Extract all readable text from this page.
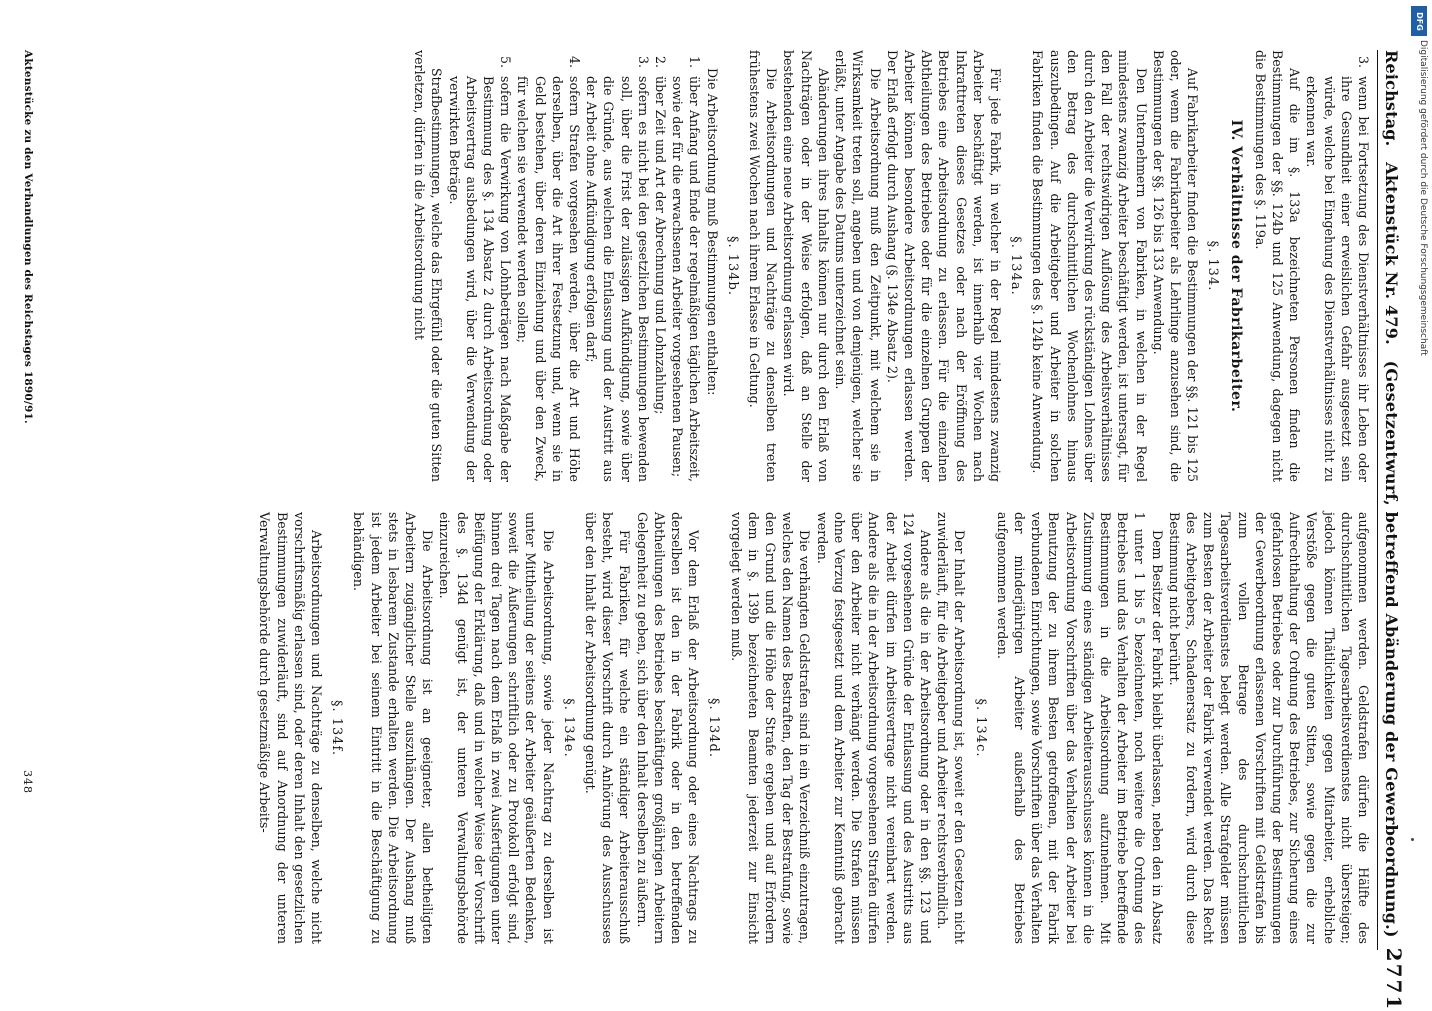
Reichstag. Aktenstück Nr. 479. (Gesetzentwurf, betreffend Abänderung der Gewerbeordnung.)
2771
3.
wenn bei Fortsetzung des Dienstverhältnisses ihr Leben oder ihre Gesundheit einer erweislichen Gefahr ausgesetzt sein würde, welche bei Eingehung des Dienstverhältnisses nicht zu erkennen war.

Auf die im §. 133a bezeichneten Personen finden die Bestimmungen der §§. 124b und 125 Anwendung, dagegen nicht die Bestimmungen des §. 119a.

IV. Verhältnisse der Fabrikarbeiter.
§. 134.

Auf Fabrikarbeiter finden die Bestimmungen der §§. 121 bis 125 oder, wenn die Fabrikarbeiter als Lehrlinge anzusehen sind, die Bestimmungen der §§. 126 bis 133 Anwendung.

Den Unternehmern von Fabriken, in welchen in der Regel mindestens zwanzig Arbeiter beschäftigt werden, ist untersagt, für den Fall der rechtswidrigen Auflösung des Arbeitsverhältnisses durch den Arbeiter die Verwirkung des rückständigen Lohnes über den Betrag des durchschnittlichen Wochenlohnes hinaus auszubedingen. Auf die Arbeitgeber und Arbeiter in solchen Fabriken finden die Bestimmungen des §. 124b keine Anwendung.

§. 134a.

Für jede Fabrik, in welcher in der Regel mindestens zwanzig Arbeiter beschäftigt werden, ist innerhalb vier Wochen nach Inkrafttreten dieses Gesetzes oder nach der Eröffnung des Betriebes eine Arbeitsordnung zu erlassen. Für die einzelnen Abtheilungen des Betriebes oder für die einzelnen Gruppen der Arbeiter können besondere Arbeitsordnungen erlassen werden. Der Erlaß erfolgt durch Aushang (§. 134e Absatz 2).

Die Arbeitsordnung muß den Zeitpunkt, mit welchem sie in Wirksamkeit treten soll, angeben und von demjenigen, welcher sie erläßt, unter Angabe des Datums unterzeichnet sein.

Abänderungen ihres Inhalts können nur durch den Erlaß von Nachträgen oder in der Weise erfolgen, daß an Stelle der bestehenden eine neue Arbeitsordnung erlassen wird.

Die Arbeitsordnungen und Nachträge zu denselben treten frühestens zwei Wochen nach ihrem Erlasse in Geltung.

§. 134b.

Die Arbeitsordnung muß Bestimmungen enthalten:

1.
über Anfang und Ende der regelmäßigen täglichen Arbeitszeit, sowie der für die erwachsenen Arbeiter vorgesehenen Pausen;
2.
über Zeit und Art der Abrechnung und Lohnzahlung;
3.
sofern es nicht bei den gesetzlichen Bestimmungen bewenden soll, über die Frist der zulässigen Aufkündigung, sowie über die Gründe, aus welchen die Entlassung und der Austritt aus der Arbeit ohne Aufkündigung erfolgen darf;
4.
sofern Strafen vorgesehen werden, über die Art und Höhe derselben, über die Art ihrer Festsetzung und, wenn sie in Geld bestehen, über deren Einziehung und über den Zweck, für welchen sie verwendet werden sollen;
5.
sofern die Verwirkung von Lohnbeträgen nach Maßgabe der Bestimmung des §. 134 Absatz 2 durch Arbeitsordnung oder Arbeitsvertrag ausbedungen wird, über die Verwendung der verwirkten Beträge.

Strafbestimmungen, welche das Ehrgefühl oder die guten Sitten verletzen, dürfen in die Arbeitsordnung nicht

aufgenommen werden. Geldstrafen dürfen die Hälfte des durchschnittlichen Tagesarbeitsverdienstes nicht übersteigen; jedoch können Thätlichkeiten gegen Mitarbeiter, erhebliche Verstöße gegen die guten Sitten, sowie gegen die zur Aufrechthaltung der Ordnung des Betriebes, zur Sicherung eines gefahrlosen Betriebes oder zur Durchführung der Bestimmungen der Gewerbeordnung erlassenen Vorschriften mit Geldstrafen bis zum vollen Betrage des durchschnittlichen Tagesarbeitsverdienstes belegt werden. Alle Strafgelder müssen zum Besten der Arbeiter der Fabrik verwendet werden. Das Recht des Arbeitgebers, Schadenersatz zu fordern, wird durch diese Bestimmung nicht berührt.

Dem Besitzer der Fabrik bleibt überlassen, neben den in Absatz 1 unter 1 bis 5 bezeichneten, noch weitere die Ordnung des Betriebes und das Verhalten der Arbeiter im Betriebe betreffende Bestimmungen in die Arbeitsordnung aufzunehmen. Mit Zustimmung eines ständigen Arbeiterausschusses können in die Arbeitsordnung Vorschriften über das Verhalten der Arbeiter bei Benutzung der zu ihrem Besten getroffenen, mit der Fabrik verbundenen Einrichtungen, sowie Vorschriften über das Verhalten der minderjährigen Arbeiter außerhalb des Betriebes aufgenommen werden.

§. 134c.

Der Inhalt der Arbeitsordnung ist, soweit er den Gesetzen nicht zuwiderläuft, für die Arbeitgeber und Arbeiter rechtsverbindlich.

Andere als die in der Arbeitsordnung oder in den §§. 123 und 124 vorgesehenen Gründe der Entlassung und des Austritts aus der Arbeit dürfen im Arbeitsvertrage nicht vereinbart werden. Andere als die in der Arbeitsordnung vorgesehenen Strafen dürfen über den Arbeiter nicht verhängt werden. Die Strafen müssen ohne Verzug festgesetzt und dem Arbeiter zur Kenntniß gebracht werden.

Die verhängten Geldstrafen sind in ein Verzeichniß einzutragen, welches den Namen des Bestraften, den Tag der Bestrafung, sowie den Grund und die Höhe der Strafe ergeben und auf Erfordern dem in §. 139b bezeichneten Beamten jederzeit zur Einsicht vorgelegt werden muß.

§. 134d.

Vor dem Erlaß der Arbeitsordnung oder eines Nachtrags zu derselben ist den in der Fabrik oder in den betreffenden Abtheilungen des Betriebes beschäftigten großjährigen Arbeitern Gelegenheit zu geben, sich über den Inhalt derselben zu äußern.

Für Fabriken, für welche ein ständiger Arbeiterausschuß besteht, wird dieser Vorschrift durch Anhörung des Ausschusses über den Inhalt der Arbeitsordnung genügt.

§. 134e.

Die Arbeitsordnung, sowie jeder Nachtrag zu derselben ist unter Mittheilung der seitens der Arbeiter geäußerten Bedenken, soweit die Äußerungen schriftlich oder zu Protokoll erfolgt sind, binnen drei Tagen nach dem Erlaß in zwei Ausfertigungen unter Beifügung der Erklärung, daß und in welcher Weise der Vorschrift des §. 134d genügt ist, der unteren Verwaltungsbehörde einzureichen.

Die Arbeitsordnung ist an geeigneter, allen betheiligten Arbeitern zugänglicher Stelle auszuhängen. Der Aushang muß stets in lesbarem Zustande erhalten werden. Die Arbeitsordnung ist jedem Arbeiter bei seinem Eintritt in die Beschäftigung zu behändigen.

§. 134f.

Arbeitsordnungen und Nachträge zu denselben, welche nicht vorschriftsmäßig erlassen sind, oder deren Inhalt den gesetzlichen Bestimmungen zuwiderläuft, sind auf Anordnung der unteren Verwaltungsbehörde durch gesetzmäßige Arbeits-

Aktenstücke zu den Verhandlungen des Reichstages 1890/91.
348
DFG
Digitalisierung gefördert durch die Deutsche Forschungsgemeinschaft
